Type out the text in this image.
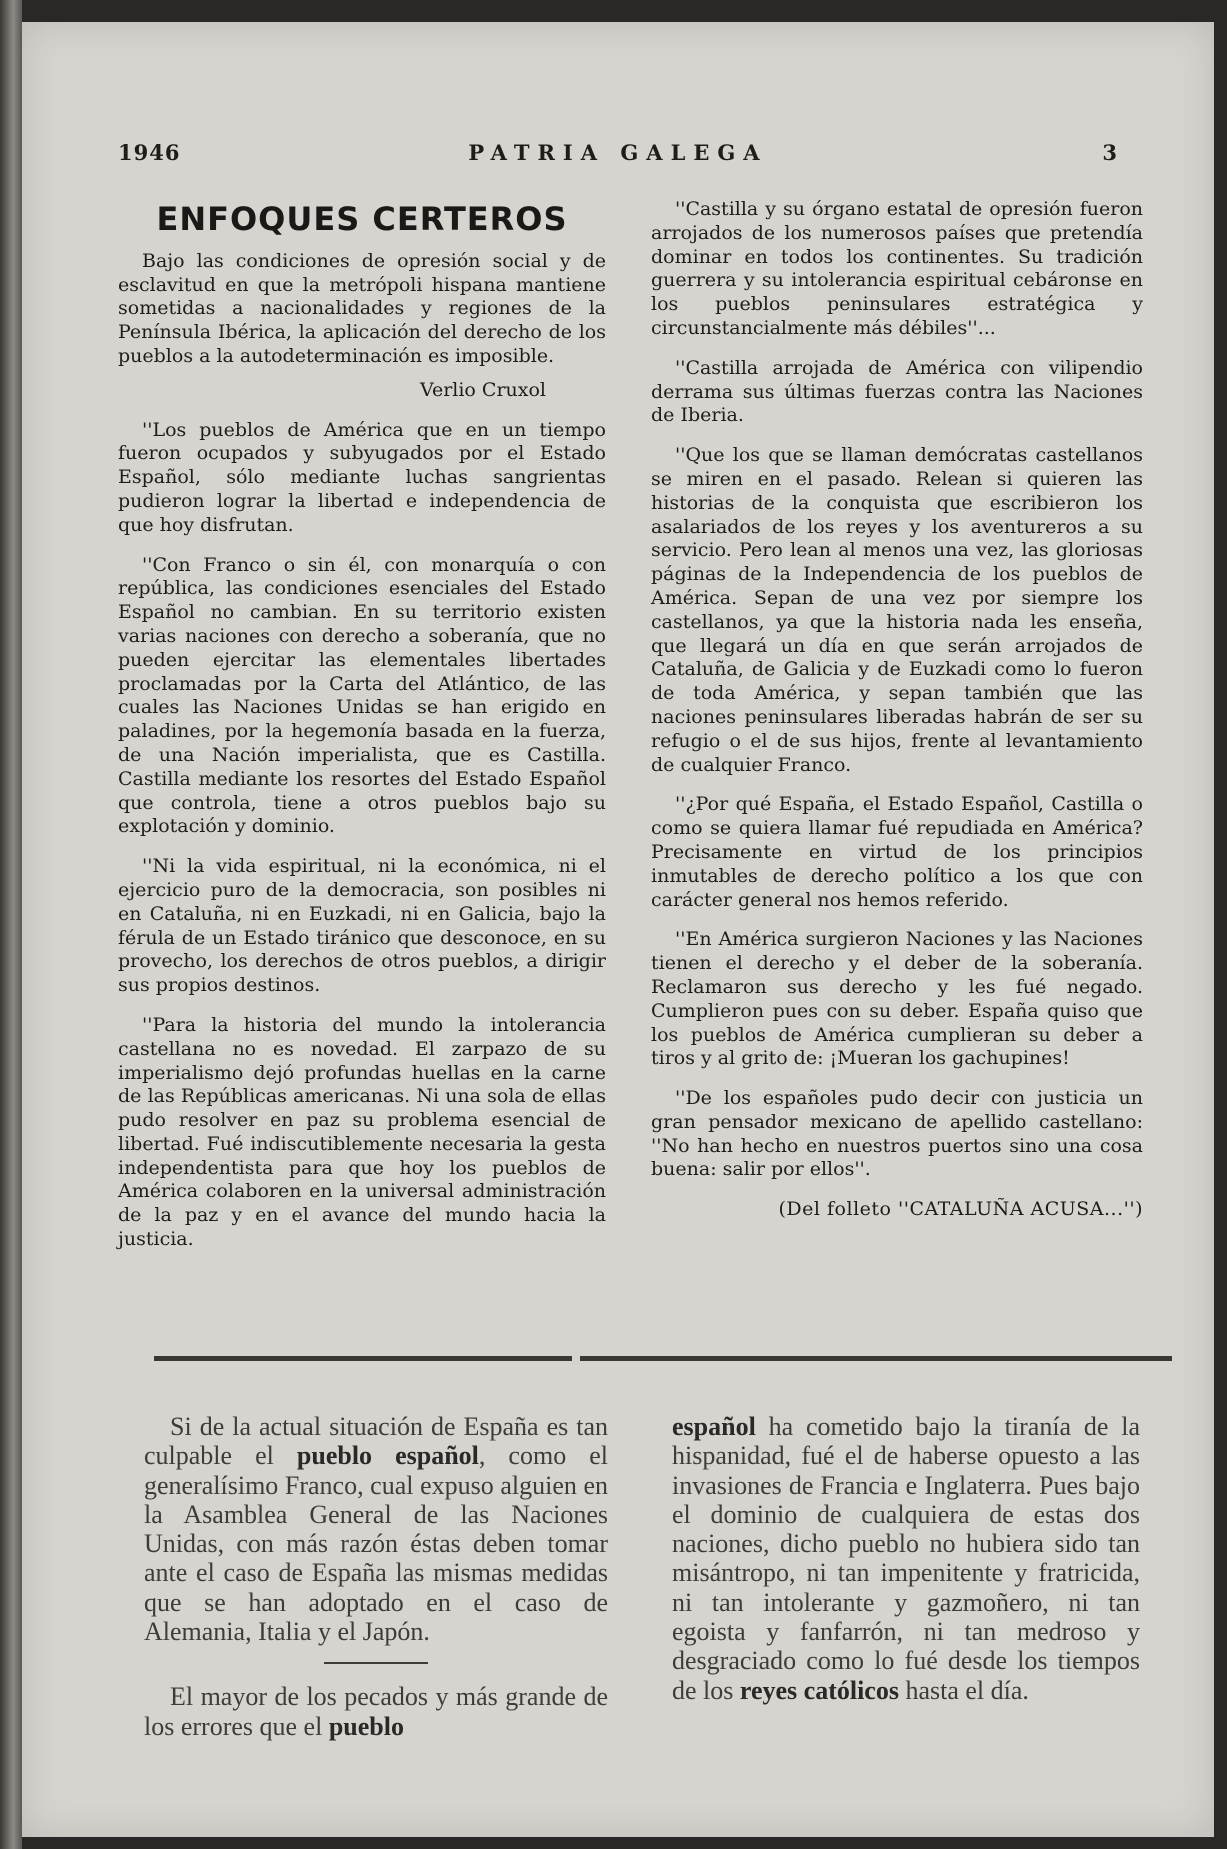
1946	PATRIA GALEGA	3
ENFOQUES CERTEROS

Bajo las condiciones de opresión social y de esclavitud en que la metrópoli hispana mantiene sometidas a nacionalidades y regiones de la Península Ibérica, la aplicación del derecho de los pueblos a la autodeterminación es imposible.

Verlio Cruxol

''Los pueblos de América que en un tiempo fueron ocupados y subyugados por el Estado Español, sólo mediante luchas sangrientas pudieron lograr la libertad e independencia de que hoy disfrutan.

''Con Franco o sin él, con monarquía o con república, las condiciones esenciales del Estado Español no cambian. En su territorio existen varias naciones con derecho a soberanía, que no pueden ejercitar las elementales libertades proclamadas por la Carta del Atlántico, de las cuales las Naciones Unidas se han erigido en paladines, por la hegemonía basada en la fuerza, de una Nación imperialista, que es Castilla. Castilla mediante los resortes del Estado Español que controla, tiene a otros pueblos bajo su explotación y dominio.

''Ni la vida espiritual, ni la económica, ni el ejercicio puro de la democracia, son posibles ni en Cataluña, ni en Euzkadi, ni en Galicia, bajo la férula de un Estado tiránico que desconoce, en su provecho, los derechos de otros pueblos, a dirigir sus propios destinos.

''Para la historia del mundo la intolerancia castellana no es novedad. El zarpazo de su imperialismo dejó profundas huellas en la carne de las Repúblicas americanas. Ni una sola de ellas pudo resolver en paz su problema esencial de libertad. Fué indiscutiblemente necesaria la gesta independentista para que hoy los pueblos de América colaboren en la universal administración de la paz y en el avance del mundo hacia la justicia.

''Castilla y su órgano estatal de opresión fueron arrojados de los numerosos países que pretendía dominar en todos los continentes. Su tradición guerrera y su intolerancia espiritual cebáronse en los pueblos peninsulares estratégica y circunstancialmente más débiles''...

''Castilla arrojada de América con vilipendio derrama sus últimas fuerzas contra las Naciones de Iberia.

''Que los que se llaman demócratas castellanos se miren en el pasado. Relean si quieren las historias de la conquista que escribieron los asalariados de los reyes y los aventureros a su servicio. Pero lean al menos una vez, las gloriosas páginas de la Independencia de los pueblos de América. Sepan de una vez por siempre los castellanos, ya que la historia nada les enseña, que llegará un día en que serán arrojados de Cataluña, de Galicia y de Euzkadi como lo fueron de toda América, y sepan también que las naciones peninsulares liberadas habrán de ser su refugio o el de sus hijos, frente al levantamiento de cualquier Franco.

''¿Por qué España, el Estado Español, Castilla o como se quiera llamar fué repudiada en América? Precisamente en virtud de los principios inmutables de derecho político a los que con carácter general nos hemos referido.

''En América surgieron Naciones y las Naciones tienen el derecho y el deber de la soberanía. Reclamaron sus derecho y les fué negado. Cumplieron pues con su deber. España quiso que los pueblos de América cumplieran su deber a tiros y al grito de: ¡Mueran los gachupines!

''De los españoles pudo decir con justicia un gran pensador mexicano de apellido castellano: ''No han hecho en nuestros puertos sino una cosa buena: salir por ellos''.

(Del folleto ''CATALUÑA ACUSA...'')

Si de la actual situación de España es tan culpable el pueblo español, como el generalísimo Franco, cual expuso alguien en la Asamblea General de las Naciones Unidas, con más razón éstas deben tomar ante el caso de España las mismas medidas que se han adoptado en el caso de Alemania, Italia y el Japón.

El mayor de los pecados y más grande de los errores que el pueblo

español ha cometido bajo la tiranía de la hispanidad, fué el de haberse opuesto a las invasiones de Francia e Inglaterra. Pues bajo el dominio de cualquiera de estas dos naciones, dicho pueblo no hubiera sido tan misántropo, ni tan impenitente y fratricida, ni tan intolerante y gazmoñero, ni tan egoista y fanfarrón, ni tan medroso y desgraciado como lo fué desde los tiempos de los reyes católicos hasta el día.
